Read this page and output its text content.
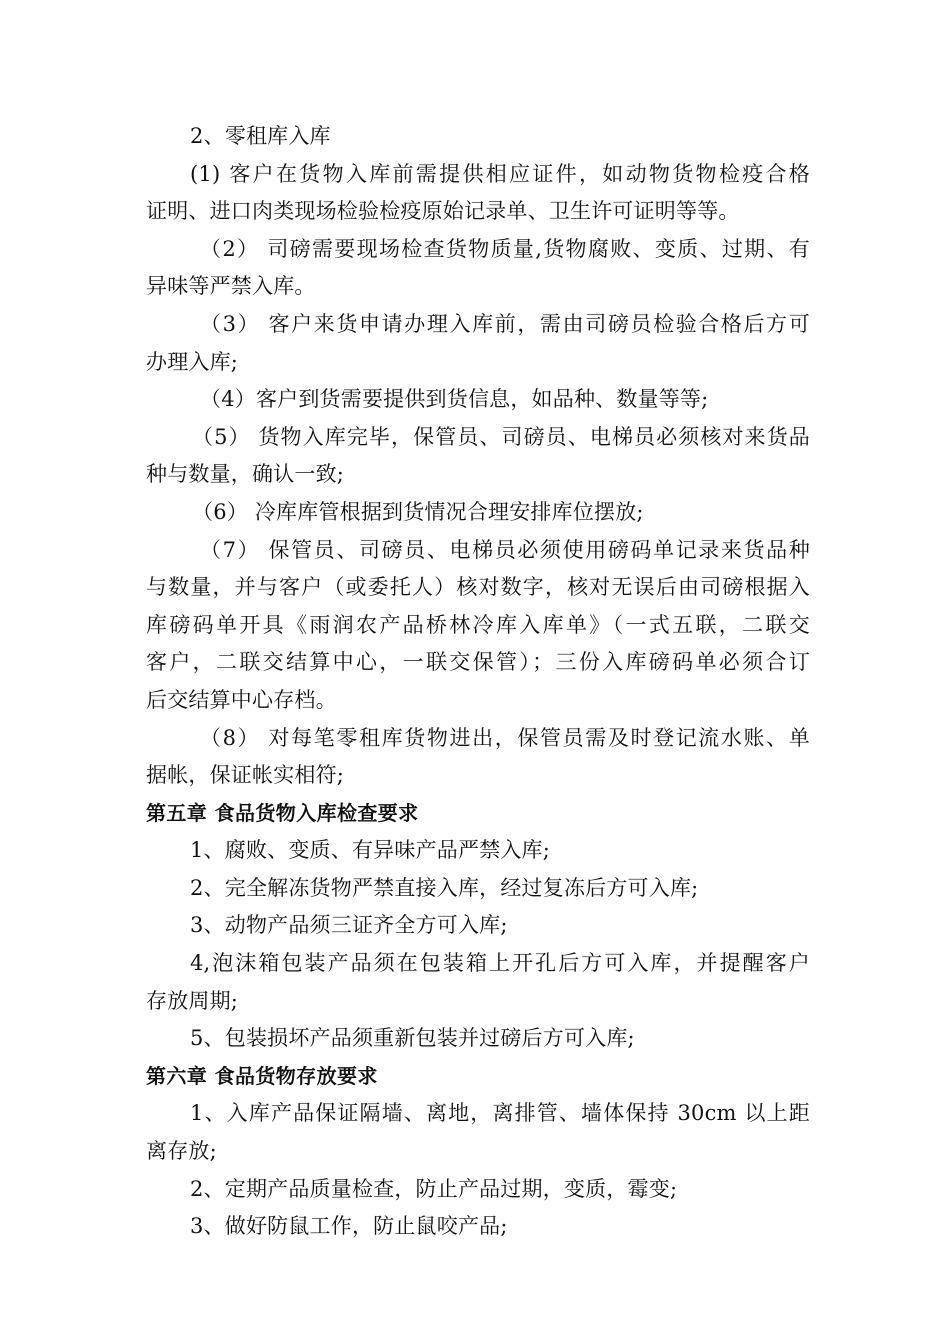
2、零租库入库
(1) 客户在货物入库前需提供相应证件，如动物货物检疫合格
证明、进口肉类现场检验检疫原始记录单、卫生许可证明等等。
（2） 司磅需要现场检查货物质量,货物腐败、变质、过期、有
异味等严禁入库。
（3） 客户来货申请办理入库前，需由司磅员检验合格后方可
办理入库;
（4）客户到货需要提供到货信息，如品种、数量等等;
（5） 货物入库完毕，保管员、司磅员、电梯员必须核对来货品
种与数量，确认一致;
（6） 冷库库管根据到货情况合理安排库位摆放;
（7） 保管员、司磅员、电梯员必须使用磅码单记录来货品种
与数量，并与客户（或委托人）核对数字，核对无误后由司磅根据入
库磅码单开具《雨润农产品桥林冷库入库单》（一式五联，二联交
客户，二联交结算中心，一联交保管）；三份入库磅码单必须合订
后交结算中心存档。
（8） 对每笔零租库货物进出，保管员需及时登记流水账、单
据帐，保证帐实相符;
第五章 食品货物入库检查要求
1、腐败、变质、有异味产品严禁入库;
2、完全解冻货物严禁直接入库，经过复冻后方可入库;
3、动物产品须三证齐全方可入库;
4,泡沫箱包装产品须在包装箱上开孔后方可入库，并提醒客户
存放周期;
5、包装损坏产品须重新包装并过磅后方可入库;
第六章 食品货物存放要求
1、入库产品保证隔墙、离地，离排管、墙体保持 30cm 以上距
离存放;
2、定期产品质量检查，防止产品过期，变质，霉变;
3、做好防鼠工作，防止鼠咬产品;
